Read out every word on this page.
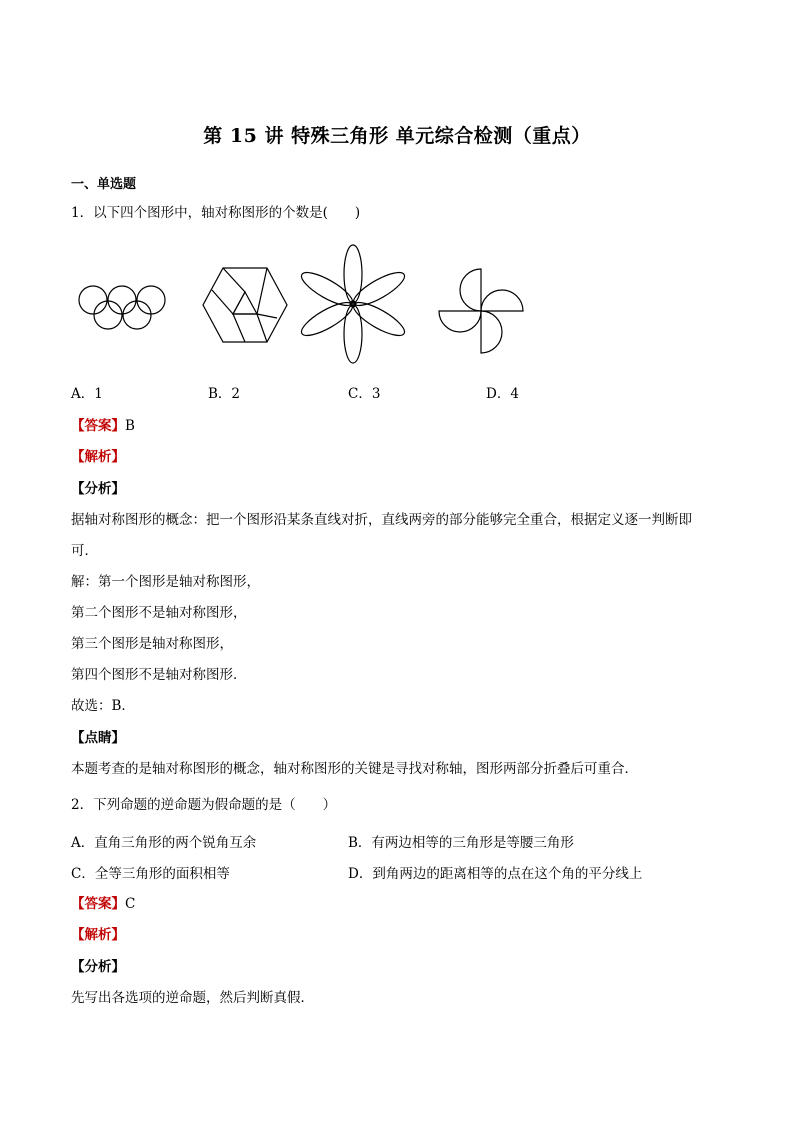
第 15 讲 特殊三角形 单元综合检测（重点）
一、单选题
1．以下四个图形中，轴对称图形的个数是(　　)
A．1	B．2	C．3	D．4
【答案】B
【解析】
【分析】
据轴对称图形的概念：把一个图形沿某条直线对折，直线两旁的部分能够完全重合，根据定义逐一判断即
可．
解：第一个图形是轴对称图形，
第二个图形不是轴对称图形，
第三个图形是轴对称图形，
第四个图形不是轴对称图形．
故选：B．
【点睛】
本题考查的是轴对称图形的概念，轴对称图形的关键是寻找对称轴，图形两部分折叠后可重合．
2．下列命题的逆命题为假命题的是（　　）
A．直角三角形的两个锐角互余	B．有两边相等的三角形是等腰三角形
C．全等三角形的面积相等	D．到角两边的距离相等的点在这个角的平分线上
【答案】C
【解析】
【分析】
先写出各选项的逆命题，然后判断真假．
